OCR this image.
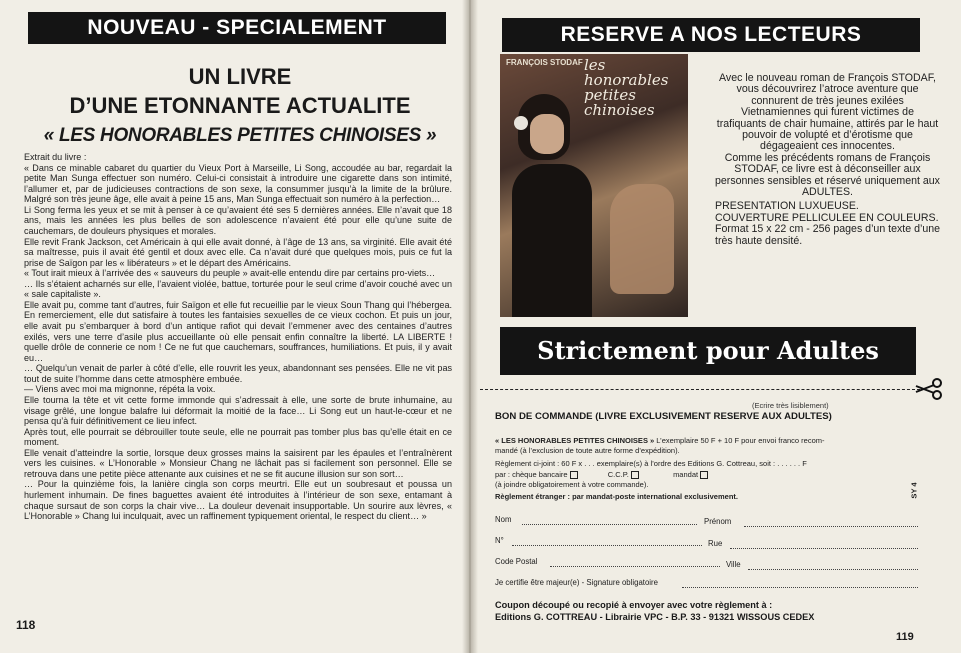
NOUVEAU - SPECIALEMENT
UN LIVRE
D’UNE ETONNANTE ACTUALITE
« LES HONORABLES PETITES CHINOISES »

Extrait du livre :

« Dans ce minable cabaret du quartier du Vieux Port à Marseille, Li Song, accoudée au bar, regardait la petite Man Sunga effectuer son numéro. Celui-ci consistait à introduire une cigarette dans son intimité, l’allumer et, par de judicieuses contractions de son sexe, la consummer jusqu’à la limite de la brûlure. Malgré son très jeune âge, elle avait à peine 15 ans, Man Sunga effectuait son numéro à la perfection…

Li Song ferma les yeux et se mit à penser à ce qu’avaient été ses 5 dernières années. Elle n’avait que 18 ans, mais les années les plus belles de son adolescence n’avaient été pour elle qu’une suite de cauchemars, de douleurs physiques et morales.

Elle revit Frank Jackson, cet Américain à qui elle avait donné, à l’âge de 13 ans, sa virginité. Elle avait été sa maîtresse, puis il avait été gentil et doux avec elle. Ca n’avait duré que quelques mois, puis ce fut la prise de Saïgon par les « libérateurs » et le départ des Américains.

« Tout irait mieux à l’arrivée des « sauveurs du peuple » avait-elle entendu dire par certains pro-viets…

… Ils s’étaient acharnés sur elle, l’avaient violée, battue, torturée pour le seul crime d’avoir couché avec un « sale capitaliste ».

Elle avait pu, comme tant d’autres, fuir Saïgon et elle fut recueillie par le vieux Soun Thang qui l’hébergea. En remerciement, elle dut satisfaire à toutes les fantaisies sexuelles de ce vieux cochon. Et puis un jour, elle avait pu s’embarquer à bord d’un antique rafiot qui devait l’emmener avec des centaines d’autres exilés, vers une terre d’asile plus accueillante où elle pensait enfin connaître la liberté. LA LIBERTE ! quelle drôle de connerie ce nom ! Ce ne fut que cauchemars, souffrances, humiliations. Et puis, il y avait eu…

… Quelqu’un venait de parler à côté d’elle, elle rouvrit les yeux, abandonnant ses pensées. Elle ne vit pas tout de suite l’homme dans cette atmosphère embuée.

— Viens avec moi ma mignonne, répéta la voix.

Elle tourna la tête et vit cette forme immonde qui s’adressait à elle, une sorte de brute inhumaine, au visage grêlé, une longue balafre lui déformait la moitié de la face… Li Song eut un haut-le-cœur et ne pensa qu’à fuir définitivement ce lieu infect.

Après tout, elle pourrait se débrouiller toute seule, elle ne pourrait pas tomber plus bas qu’elle était en ce moment.

Elle venait d’atteindre la sortie, lorsque deux grosses mains la saisirent par les épaules et l’entraînèrent vers les cuisines. « L’Honorable » Monsieur Chang ne lâchait pas si facilement son personnel. Elle se retrouva dans une petite pièce attenante aux cuisines et ne se fit aucune illusion sur son sort…

… Pour la quinzième fois, la lanière cingla son corps meurtri. Elle eut un soubresaut et poussa un hurlement inhumain. De fines baguettes avaient été introduites à l’intérieur de son sexe, entamant à chaque sursaut de son corps la chair vive… La douleur devenait insupportable. Un sourire aux lèvres, « L’Honorable » Chang lui inculquait, avec un raffinement typiquement oriental, le respect du client… »

118
RESERVE A NOS LECTEURS
FRANÇOIS STODAF les honorables petites chinoises

Avec le nouveau roman de François STODAF, vous découvrirez l’atroce aventure que connurent de très jeunes exilées Vietnamiennes qui furent victimes de trafiquants de chair humaine, attirés par le haut pouvoir de volupté et d’érotisme que dégageaient ces innocentes.

Comme les précédents romans de François STODAF, ce livre est à déconseiller aux personnes sensibles et réservé uniquement aux ADULTES.

PRESENTATION LUXUEUSE.

COUVERTURE PELLICULEE EN COULEURS.

Format 15 x 22 cm - 256 pages d’un texte d’une très haute densité.

Strictement pour Adultes
(Ecrire très lisiblement)
BON DE COMMANDE (LIVRE EXCLUSIVEMENT RESERVE AUX ADULTES)
« LES HONORABLES PETITES CHINOISES » L’exemplaire 50 F + 10 F pour envoi franco recom-
mandé (à l’exclusion de toute autre forme d’expédition).
Règlement ci-joint : 60 F x . . . exemplaire(s) à l’ordre des Editions G. Cottreau, soit : . . . . . . F
par : chèque bancaire	C.C.P.	mandat
(à joindre obligatoirement à votre commande).
Règlement étranger : par mandat-poste international exclusivement.	SY 4
Nom	Prénom
N°	Rue
Code Postal	Ville
Je certifie être majeur(e) - Signature obligatoire
Coupon découpé ou recopié à envoyer avec votre règlement à :
Editions G. COTTREAU - Librairie VPC - B.P. 33 - 91321 WISSOUS CEDEX
119
